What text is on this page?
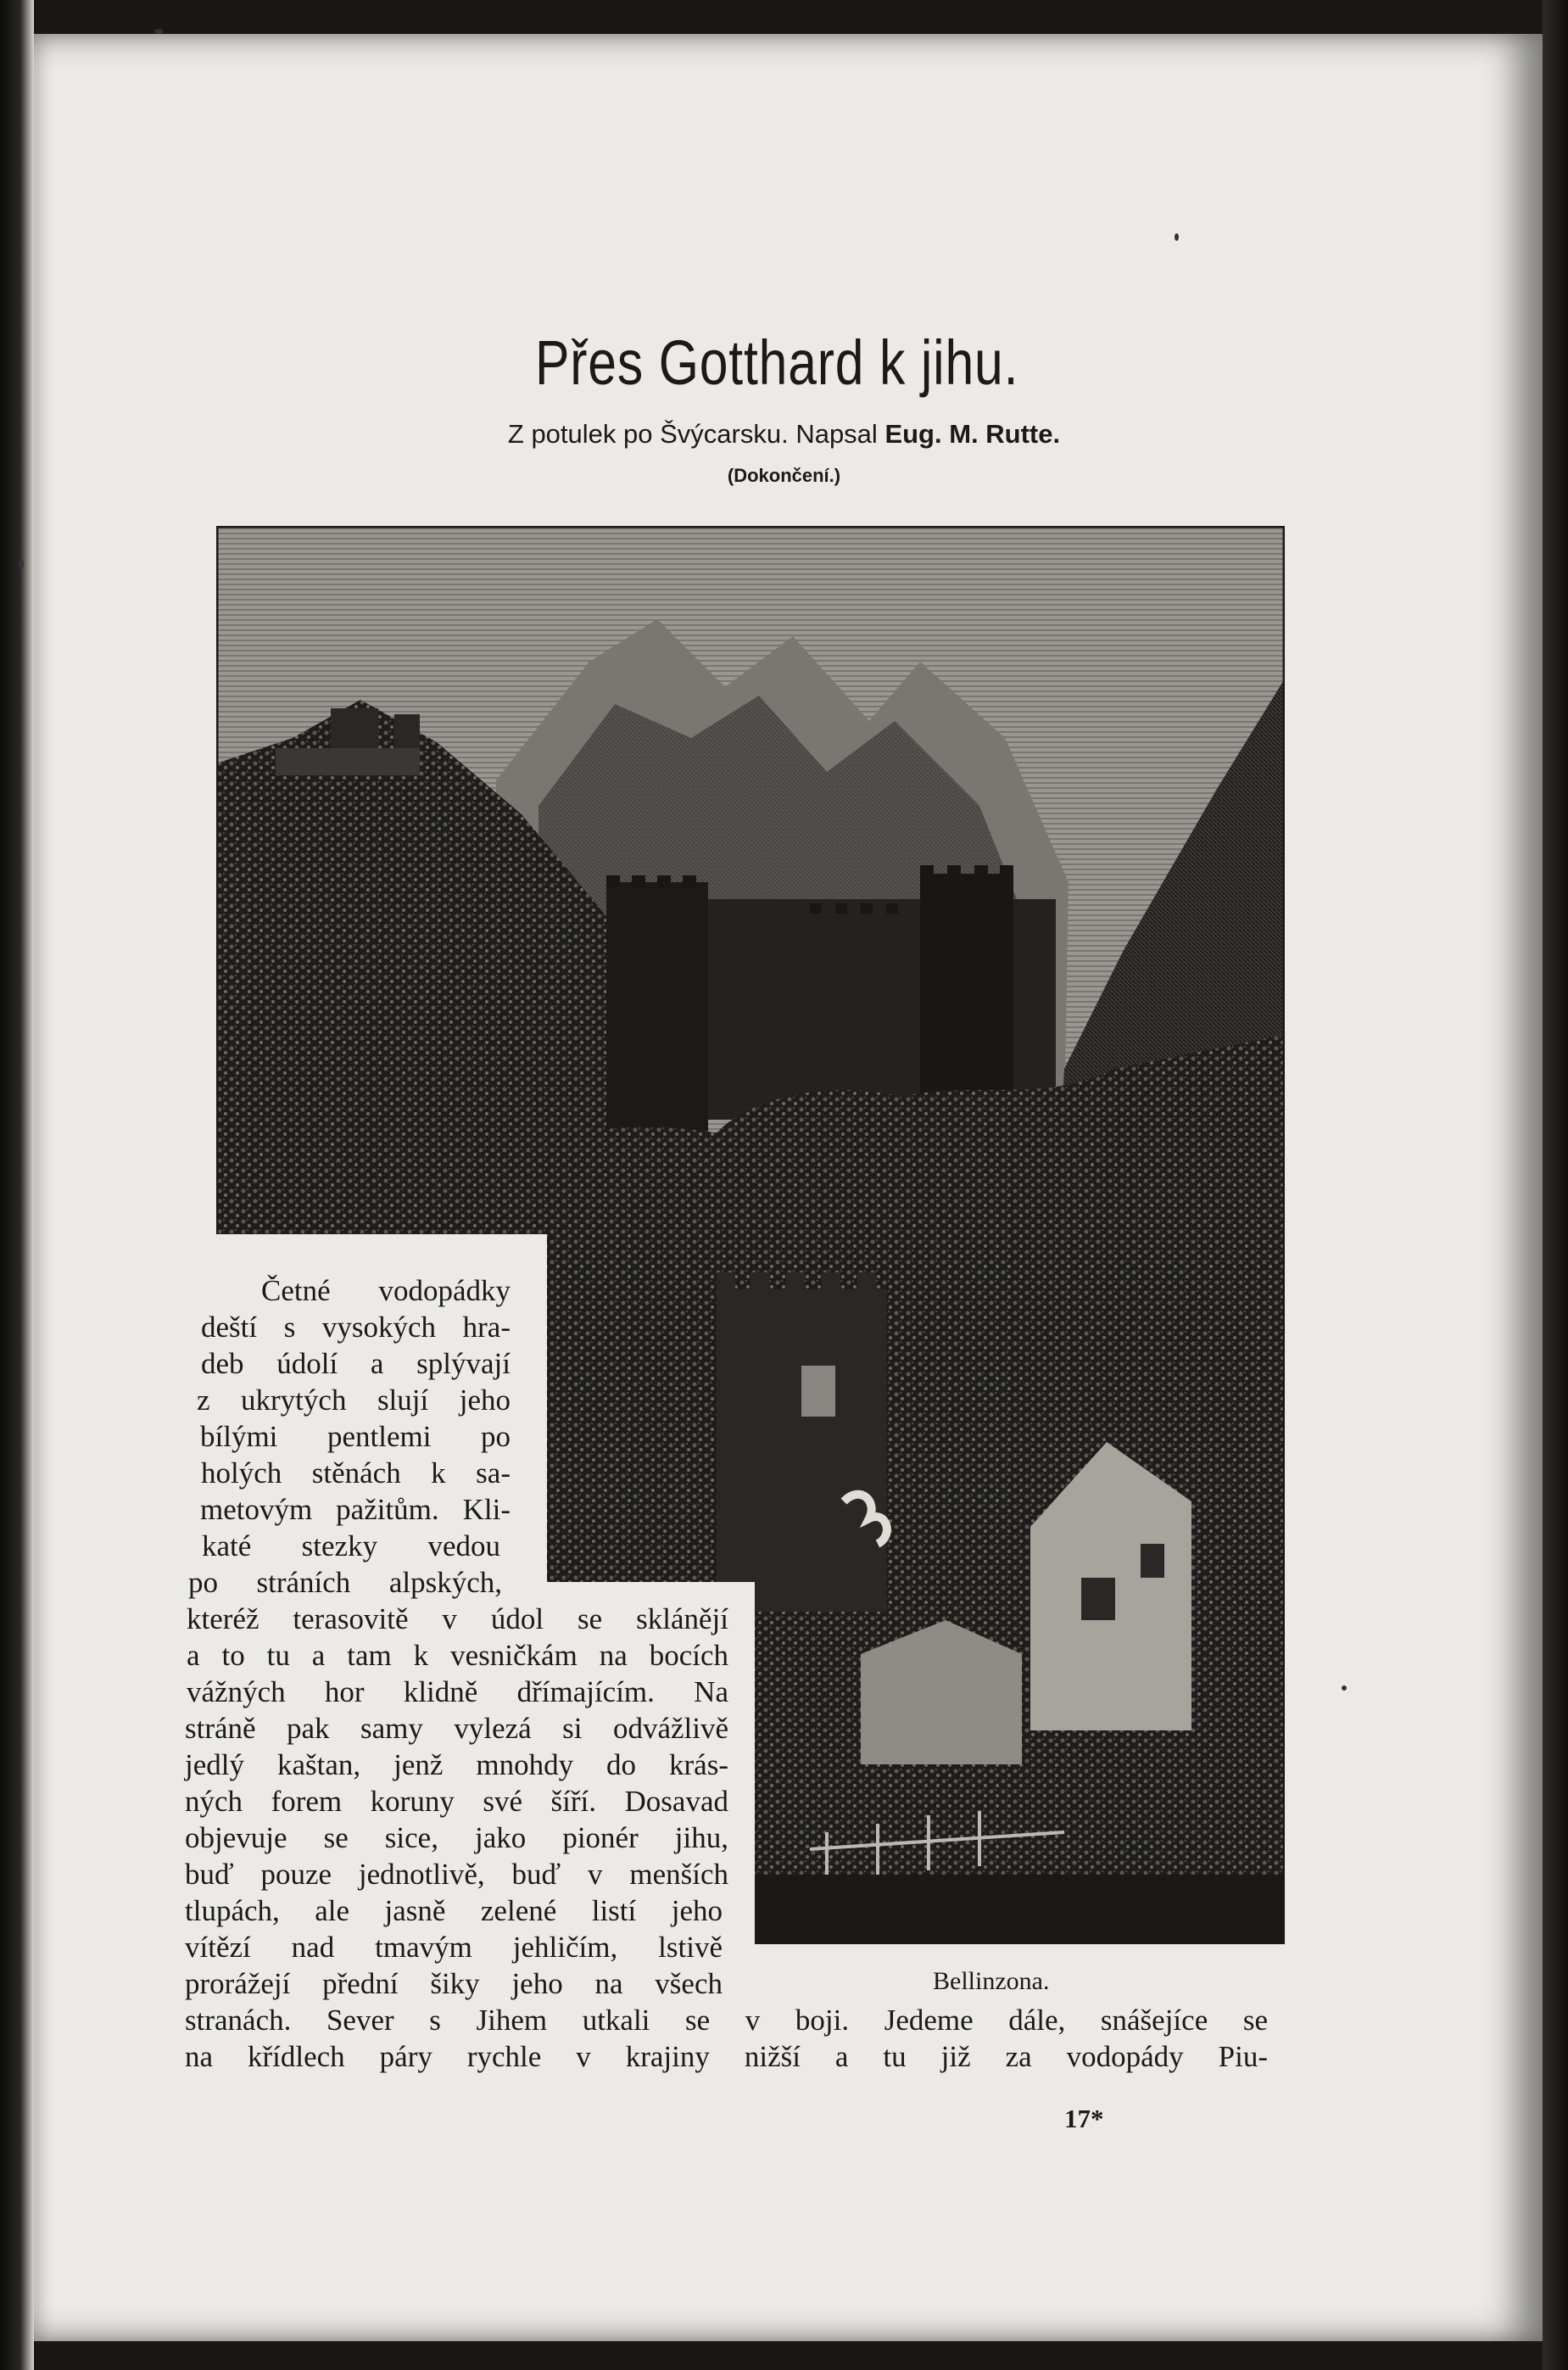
Přes Gotthard k jihu.
Z potulek po Švýcarsku. Napsal Eug. M. Rutte.
(Dokončení.)
Bellinzona.
Četné vodopádky
deští s vysokých hra-
deb údolí a splývají
z ukrytých slují jeho
bílými pentlemi po
holých stěnách k sa-
metovým pažitům. Kli-
katé stezky vedou
po stráních alpských,
kteréž terasovitě v údol se sklánějí
a to tu a tam k vesničkám na bocích
vážných hor klidně dřímajícím. Na
stráně pak samy vylezá si odvážlivě
jedlý kaštan, jenž mnohdy do krás-
ných forem koruny své šíří. Dosavad
objevuje se sice, jako pionér jihu,
buď pouze jednotlivě, buď v menších
tlupách, ale jasně zelené listí jeho
vítězí nad tmavým jehličím, lstivě
prorážejí přední šiky jeho na všech
stranách. Sever s Jihem utkali se v boji. Jedeme dále, snášejíce se
na křídlech páry rychle v krajiny nižší a tu již za vodopády Piu-
17*
